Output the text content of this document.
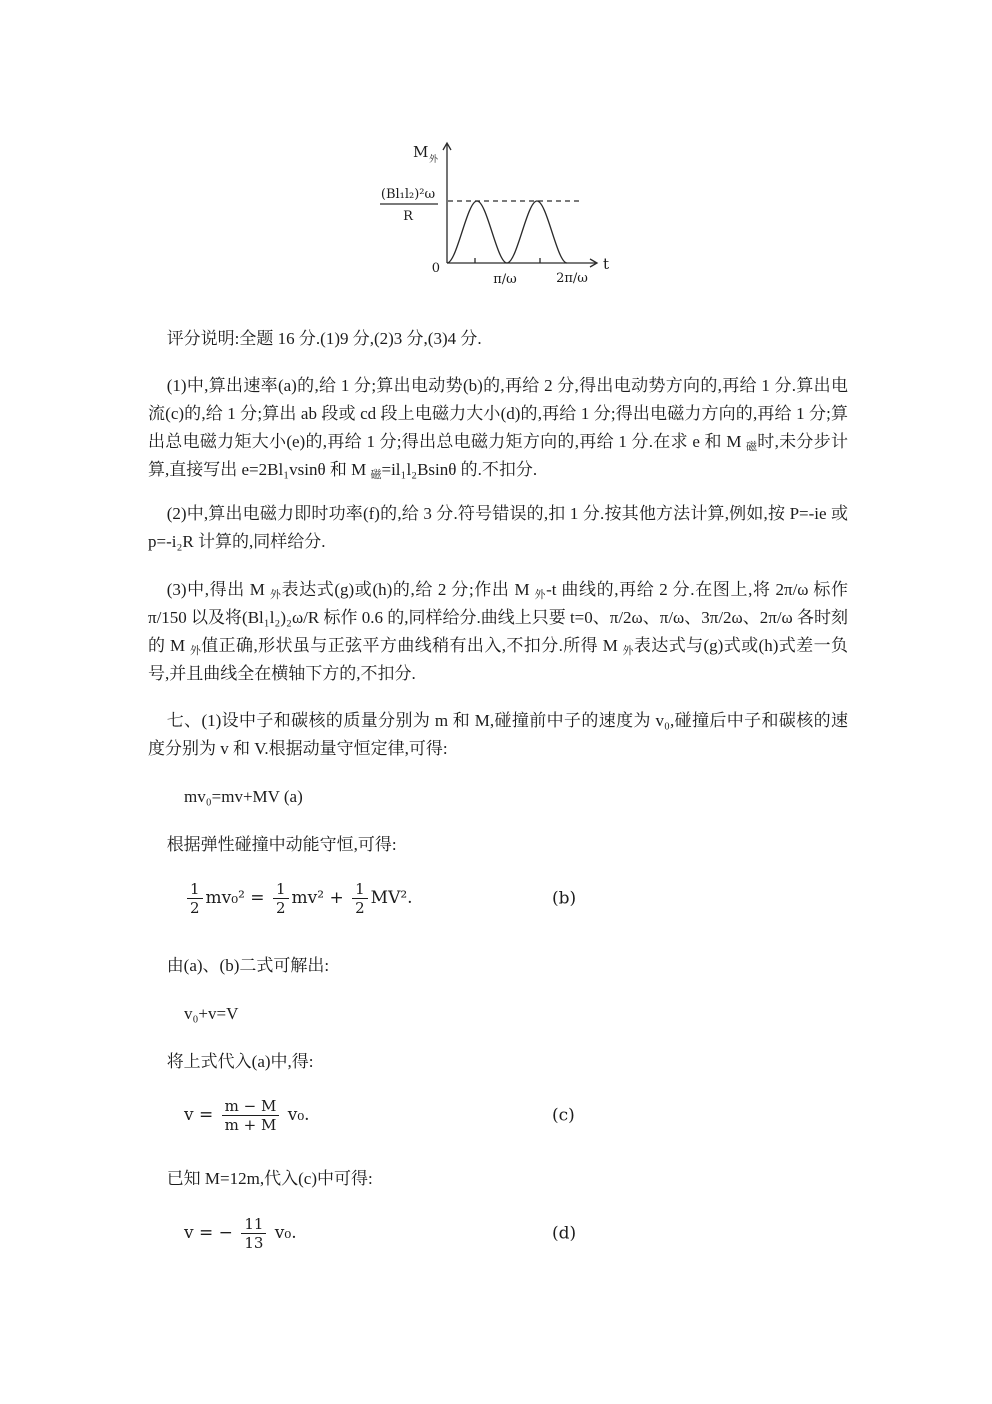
M 外
(Bl₁l₂)²ω
R
0
π/ω	2π/ω
t

评分说明:全题 16 分.(1)9 分,(2)3 分,(3)4 分.

(1)中,算出速率(a)的,给 1 分;算出电动势(b)的,再给 2 分,得出电动势方向的,再给 1 分.算出电流(c)的,给 1 分;算出 ab 段或 cd 段上电磁力大小(d)的,再给 1 分;得出电磁力方向的,再给 1 分;算出总电磁力矩大小(e)的,再给 1 分;得出总电磁力矩方向的,再给 1 分.在求 e 和 M $_磁$时,未分步计算,直接写出 e=2Bl₁vsinθ 和 M $_磁$=il₁l₂Bsinθ 的.不扣分.

(2)中,算出电磁力即时功率(f)的,给 3 分.符号错误的,扣 1 分.按其他方法计算,例如,按 P=-ie 或 p=-i₂R 计算的,同样给分.

(3)中,得出 M $_外$表达式(g)或(h)的,给 2 分;作出 M $_外$-t 曲线的,再给 2 分.在图上,将 2π/ω 标作 π/150 以及将(Bl₁l₂)₂ω/R 标作 0.6 的,同样给分.曲线上只要 t=0、π/2ω、π/ω、3π/2ω、2π/ω 各时刻的 M $_外$值正确,形状虽与正弦平方曲线稍有出入,不扣分.所得 M $_外$表达式与(g)式或(h)式差一负号,并且曲线全在横轴下方的,不扣分.

七、(1)设中子和碳核的质量分别为 m 和 M,碰撞前中子的速度为 v₀,碰撞后中子和碳核的速度分别为 v 和 V.根据动量守恒定律,可得:

mv₀=mv+MV (a)

根据弹性碰撞中动能守恒,可得:

$\frac{1}{2} mv_0^2 = \frac{1}{2} mv^2 + \frac{1}{2} MV^2$.	(b)

由(a)、(b)二式可解出:

v₀+v=V

将上式代入(a)中,得:

$v = \frac{m - M}{m + M} v_0$.	(c)

已知 M=12m,代入(c)中可得:

v = − $\frac{11}{13} v_0$.	(d)
